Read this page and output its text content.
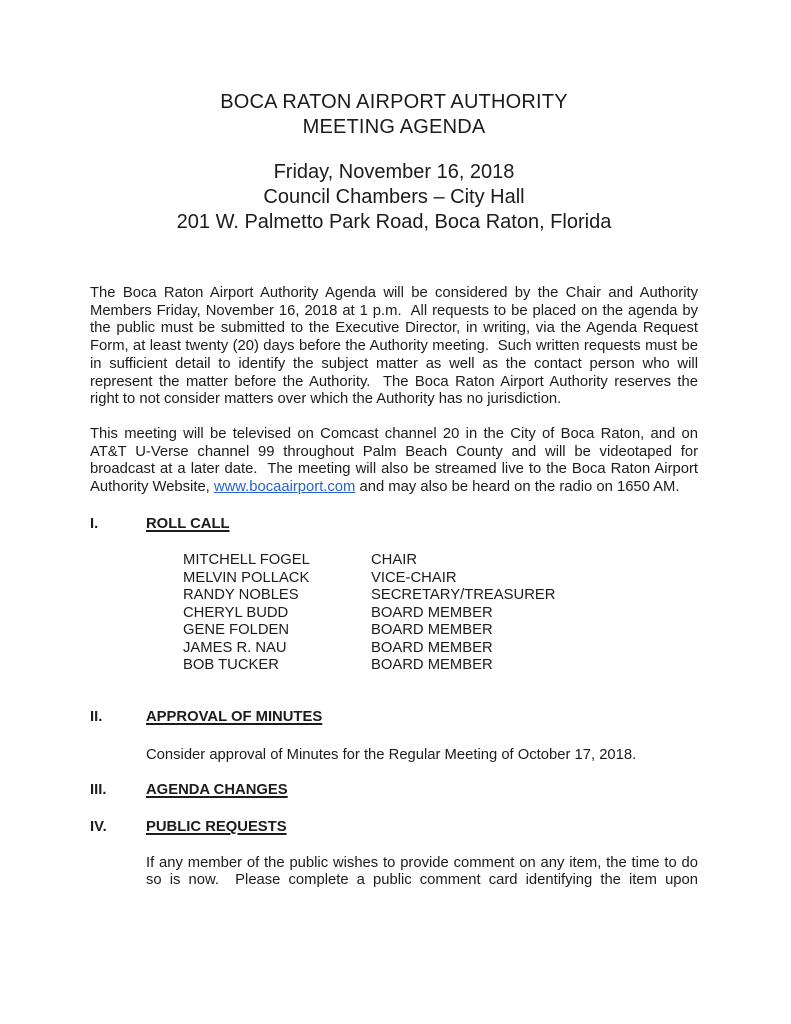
BOCA RATON AIRPORT AUTHORITY
MEETING AGENDA
Friday, November 16, 2018
Council Chambers – City Hall
201 W. Palmetto Park Road, Boca Raton, Florida

The Boca Raton Airport Authority Agenda will be considered by the Chair and Authority Members Friday, November 16, 2018 at 1 p.m.  All requests to be placed on the agenda by the public must be submitted to the Executive Director, in writing, via the Agenda Request Form, at least twenty (20) days before the Authority meeting.  Such written requests must be in sufficient detail to identify the subject matter as well as the contact person who will represent the matter before the Authority.  The Boca Raton Airport Authority reserves the right to not consider matters over which the Authority has no jurisdiction.

This meeting will be televised on Comcast channel 20 in the City of Boca Raton, and on AT&T U-Verse channel 99 throughout Palm Beach County and will be videotaped for broadcast at a later date.  The meeting will also be streamed live to the Boca Raton Airport Authority Website, www.bocaairport.com and may also be heard on the radio on 1650 AM.

I.	ROLL CALL
MITCHELL FOGEL	CHAIR
MELVIN POLLACK	VICE-CHAIR
RANDY NOBLES	SECRETARY/TREASURER
CHERYL BUDD	BOARD MEMBER
GENE FOLDEN	BOARD MEMBER
JAMES R. NAU	BOARD MEMBER
BOB TUCKER	BOARD MEMBER
II.	APPROVAL OF MINUTES

Consider approval of Minutes for the Regular Meeting of October 17, 2018.

III.	AGENDA CHANGES
IV.	PUBLIC REQUESTS

If any member of the public wishes to provide comment on any item, the time to do so is now.  Please complete a public comment card identifying the item upon
